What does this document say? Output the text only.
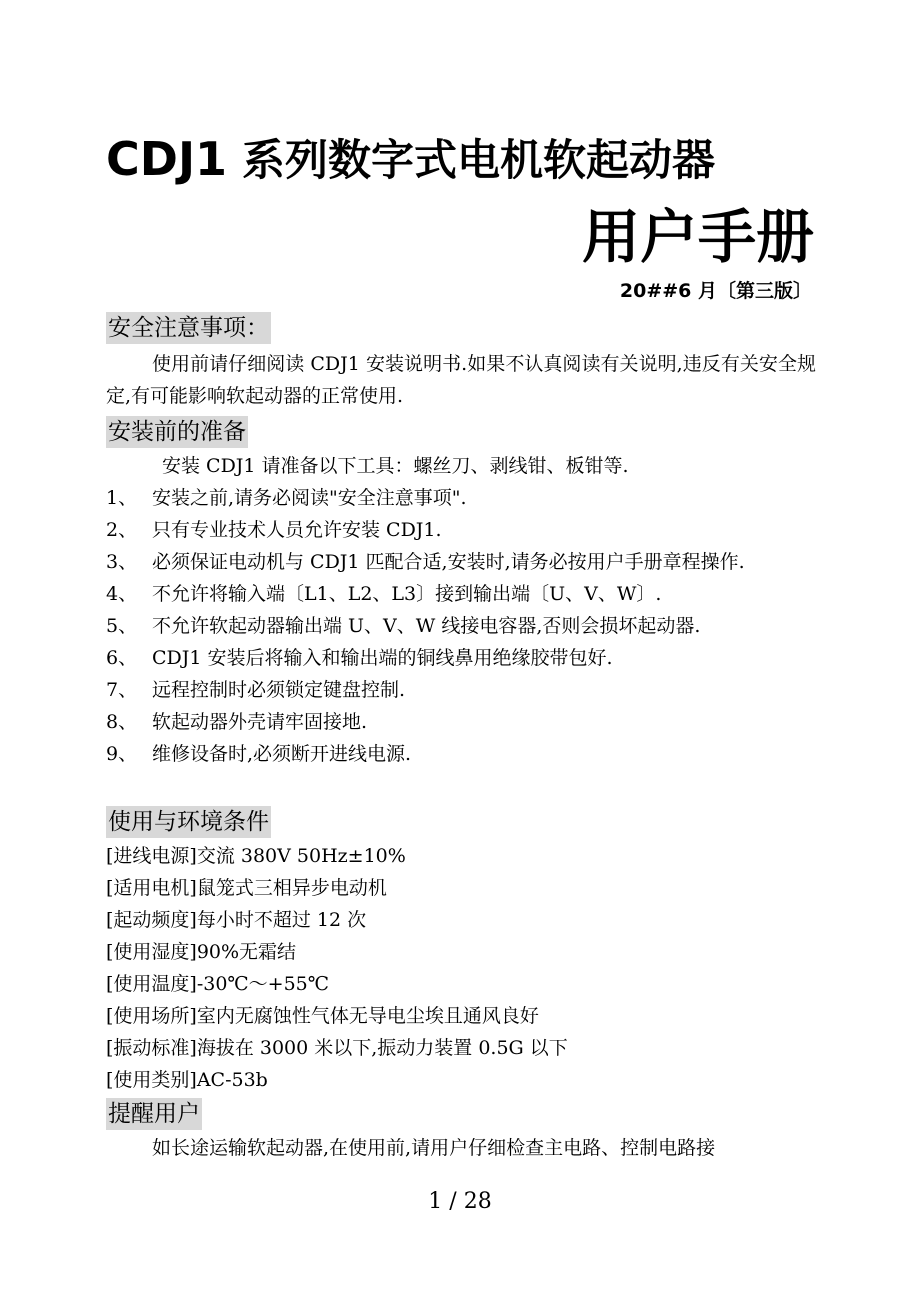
CDJ1 系列数字式电机软起动器
用户手册
20##6 月〔第三版〕
安全注意事项：

使用前请仔细阅读 CDJ1 安装说明书.如果不认真阅读有关说明,违反有关安全规定,有可能影响软起动器的正常使用.

安装前的准备

安装 CDJ1 请准备以下工具：螺丝刀、剥线钳、板钳等.

1、 安装之前,请务必阅读"安全注意事项".
2、 只有专业技术人员允许安装 CDJ1.
3、 必须保证电动机与 CDJ1 匹配合适,安装时,请务必按用户手册章程操作.
4、 不允许将输入端〔L1、L2、L3〕接到输出端〔U、V、W〕.
5、 不允许软起动器输出端 U、V、W 线接电容器,否则会损坏起动器.
6、 CDJ1 安装后将输入和输出端的铜线鼻用绝缘胶带包好.
7、 远程控制时必须锁定键盘控制.
8、 软起动器外壳请牢固接地.
9、 维修设备时,必须断开进线电源.
使用与环境条件
[进线电源]交流 380V 50Hz±10%
[适用电机]鼠笼式三相异步电动机
[起动频度]每小时不超过 12 次
[使用湿度]90%无霜结
[使用温度]-30℃～+55℃
[使用场所]室内无腐蚀性气体无导电尘埃且通风良好
[振动标准]海拔在 3000 米以下,振动力装置 0.5G 以下
[使用类别]AC-53b
提醒用户

如长途运输软起动器,在使用前,请用户仔细检查主电路、控制电路接

1 / 28
